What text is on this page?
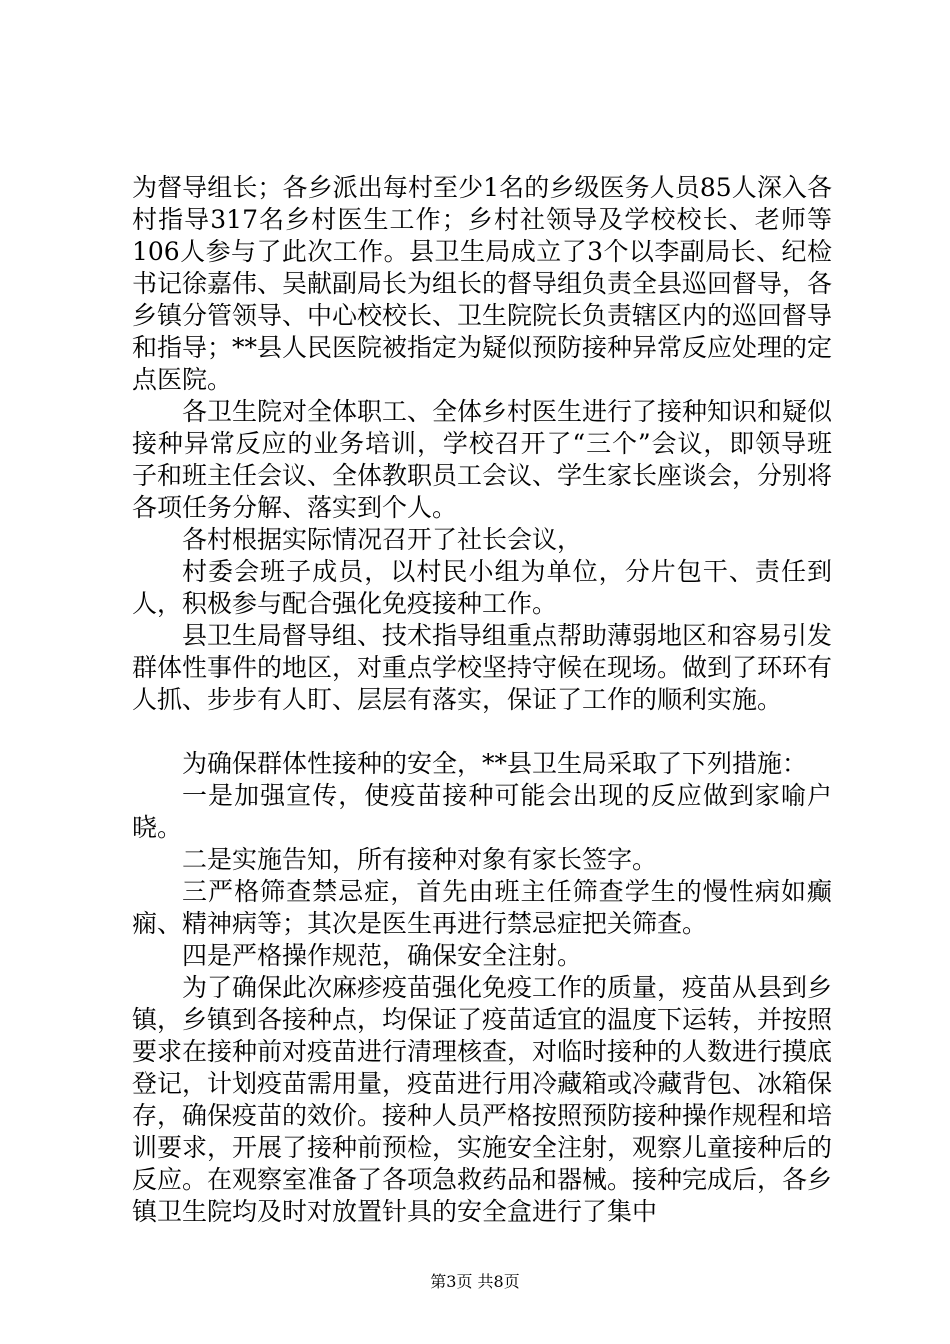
为督导组长；各乡派出每村至少1名的乡级医务人员85人深入各村指导317名乡村医生工作；乡村社领导及学校校长、老师等106人参与了此次工作。县卫生局成立了3个以李副局长、纪检书记徐嘉伟、吴献副局长为组长的督导组负责全县巡回督导，各乡镇分管领导、中心校校长、卫生院院长负责辖区内的巡回督导和指导；**县人民医院被指定为疑似预防接种异常反应处理的定点医院。

各卫生院对全体职工、全体乡村医生进行了接种知识和疑似接种异常反应的业务培训，学校召开了“三个”会议，即领导班子和班主任会议、全体教职员工会议、学生家长座谈会，分别将各项任务分解、落实到个人。

各村根据实际情况召开了社长会议，

村委会班子成员，以村民小组为单位，分片包干、责任到人，积极参与配合强化免疫接种工作。

县卫生局督导组、技术指导组重点帮助薄弱地区和容易引发群体性事件的地区，对重点学校坚持守候在现场。做到了环环有人抓、步步有人盯、层层有落实，保证了工作的顺利实施。

为确保群体性接种的安全，**县卫生局采取了下列措施：

一是加强宣传，使疫苗接种可能会出现的反应做到家喻户晓。

二是实施告知，所有接种对象有家长签字。

三严格筛查禁忌症，首先由班主任筛查学生的慢性病如癫痫、精神病等；其次是医生再进行禁忌症把关筛查。

四是严格操作规范，确保安全注射。

为了确保此次麻疹疫苗强化免疫工作的质量，疫苗从县到乡镇，乡镇到各接种点，均保证了疫苗适宜的温度下运转，并按照要求在接种前对疫苗进行清理核查，对临时接种的人数进行摸底登记，计划疫苗需用量，疫苗进行用冷藏箱或冷藏背包、冰箱保存，确保疫苗的效价。接种人员严格按照预防接种操作规程和培训要求，开展了接种前预检，实施安全注射，观察儿童接种后的反应。在观察室准备了各项急救药品和器械。接种完成后，各乡镇卫生院均及时对放置针具的安全盒进行了集中

第3页 共8页
